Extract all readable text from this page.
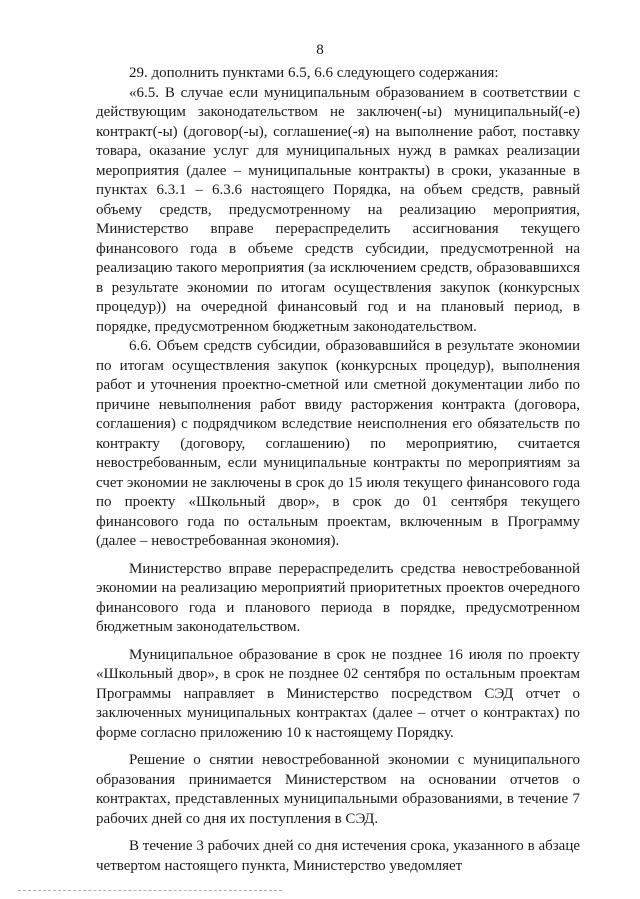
8

29. дополнить пунктами 6.5, 6.6 следующего содержания:

«6.5. В случае если муниципальным образованием в соответствии с действующим законодательством не заключен(-ы) муниципальный(-е) контракт(-ы) (договор(-ы), соглашение(-я) на выполнение работ, поставку товара, оказание услуг для муниципальных нужд в рамках реализации мероприятия (далее – муниципальные контракты) в сроки, указанные в пунктах 6.3.1 – 6.3.6 настоящего Порядка, на объем средств, равный объему средств, предусмотренному на реализацию мероприятия, Министерство вправе перераспределить ассигнования текущего финансового года в объеме средств субсидии, предусмотренной на реализацию такого мероприятия (за исключением средств, образовавшихся в результате экономии по итогам осуществления закупок (конкурсных процедур)) на очередной финансовый год и на плановый период, в порядке, предусмотренном бюджетным законодательством.

6.6. Объем средств субсидии, образовавшийся в результате экономии по итогам осуществления закупок (конкурсных процедур), выполнения работ и уточнения проектно-сметной или сметной документации либо по причине невыполнения работ ввиду расторжения контракта (договора, соглашения) с подрядчиком вследствие неисполнения его обязательств по контракту (договору, соглашению) по мероприятию, считается невостребованным, если муниципальные контракты по мероприятиям за счет экономии не заключены в срок до 15 июля текущего финансового года по проекту «Школьный двор», в срок до 01 сентября текущего финансового года по остальным проектам, включенным в Программу (далее – невостребованная экономия).

Министерство вправе перераспределить средства невостребованной экономии на реализацию мероприятий приоритетных проектов очередного финансового года и планового периода в порядке, предусмотренном бюджетным законодательством.

Муниципальное образование в срок не позднее 16 июля по проекту «Школьный двор», в срок не позднее 02 сентября по остальным проектам Программы направляет в Министерство посредством СЭД отчет о заключенных муниципальных контрактах (далее – отчет о контрактах) по форме согласно приложению 10 к настоящему Порядку.

Решение о снятии невостребованной экономии с муниципального образования принимается Министерством на основании отчетов о контрактах, представленных муниципальными образованиями, в течение 7 рабочих дней со дня их поступления в СЭД.

В течение 3 рабочих дней со дня истечения срока, указанного в абзаце четвертом настоящего пункта, Министерство уведомляет
